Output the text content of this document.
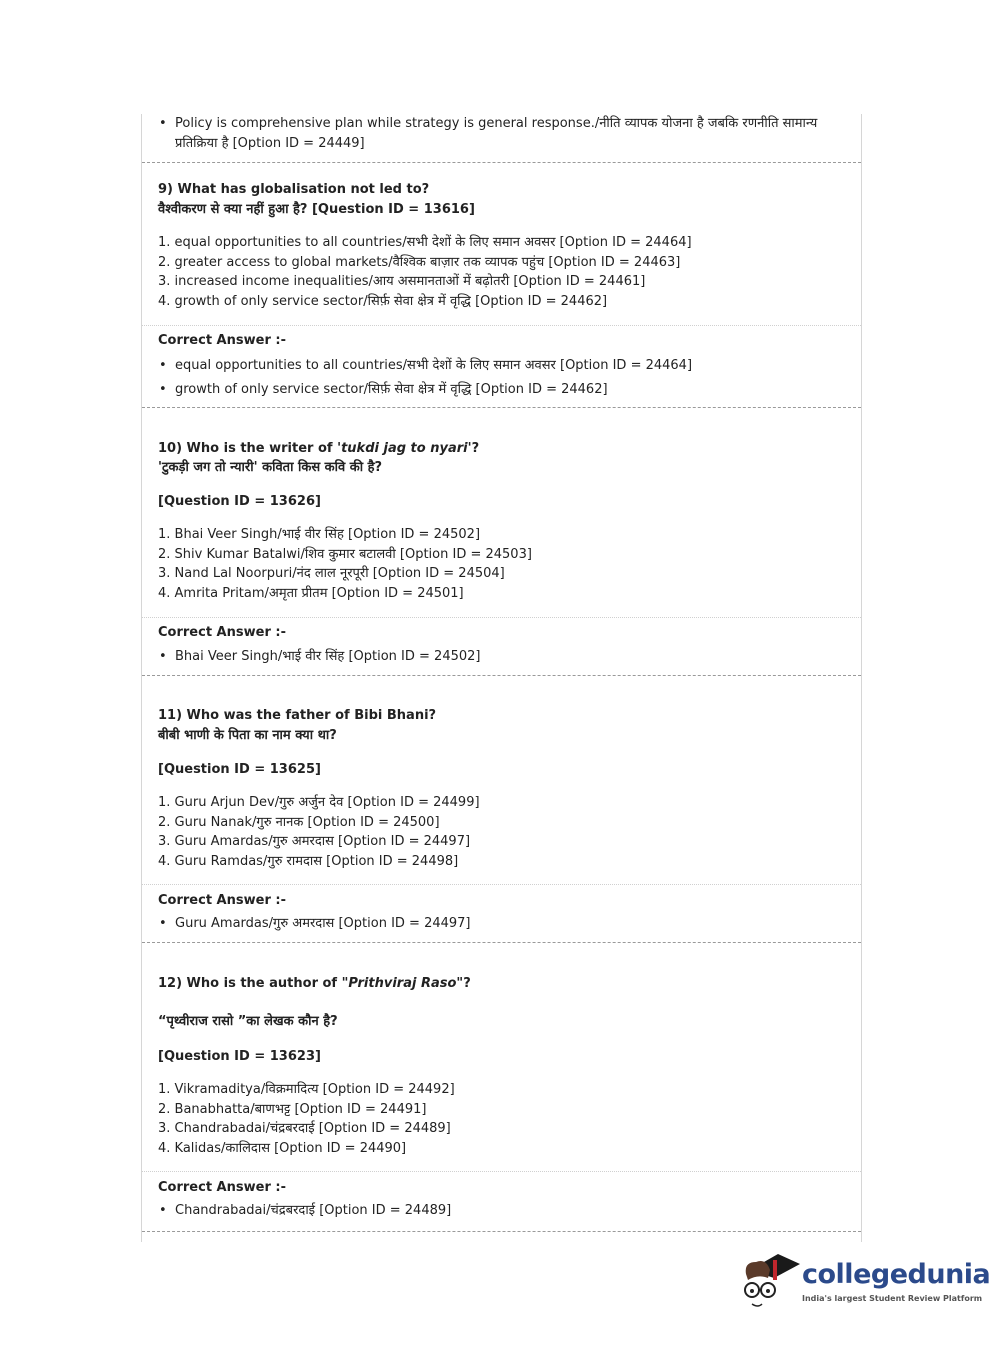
• Policy is comprehensive plan while strategy is general response./नीति व्यापक योजना है जबकि रणनीति सामान्य
प्रतिक्रिया है [Option ID = 24449]
9) What has globalisation not led to?
वैश्वीकरण से क्या नहीं हुआ है? [Question ID = 13616]
1. equal opportunities to all countries/सभी देशों के लिए समान अवसर [Option ID = 24464]
2. greater access to global markets/वैश्विक बाज़ार तक व्यापक पहुंच [Option ID = 24463]
3. increased income inequalities/आय असमानताओं में बढ़ोतरी [Option ID = 24461]
4. growth of only service sector/सिर्फ़ सेवा क्षेत्र में वृद्धि [Option ID = 24462]
Correct Answer :-
• equal opportunities to all countries/सभी देशों के लिए समान अवसर [Option ID = 24464]
• growth of only service sector/सिर्फ़ सेवा क्षेत्र में वृद्धि [Option ID = 24462]
10) Who is the writer of 'tukdi jag to nyari'?
'टुकड़ी जग तो न्यारी' कविता किस कवि की है?
[Question ID = 13626]
1. Bhai Veer Singh/भाई वीर सिंह [Option ID = 24502]
2. Shiv Kumar Batalwi/शिव कुमार बटालवी [Option ID = 24503]
3. Nand Lal Noorpuri/नंद लाल नूरपूरी [Option ID = 24504]
4. Amrita Pritam/अमृता प्रीतम [Option ID = 24501]
Correct Answer :-
• Bhai Veer Singh/भाई वीर सिंह [Option ID = 24502]
11) Who was the father of Bibi Bhani?
बीबी भाणी के पिता का नाम क्या था?
[Question ID = 13625]
1. Guru Arjun Dev/गुरु अर्जुन देव [Option ID = 24499]
2. Guru Nanak/गुरु नानक [Option ID = 24500]
3. Guru Amardas/गुरु अमरदास [Option ID = 24497]
4. Guru Ramdas/गुरु रामदास [Option ID = 24498]
Correct Answer :-
• Guru Amardas/गुरु अमरदास [Option ID = 24497]
12) Who is the author of "Prithviraj Raso"?
“पृथ्वीराज रासो ”का लेखक कौन है?
[Question ID = 13623]
1. Vikramaditya/विक्रमादित्य [Option ID = 24492]
2. Banabhatta/बाणभट्ट [Option ID = 24491]
3. Chandrabadai/चंद्रबरदाई [Option ID = 24489]
4. Kalidas/कालिदास [Option ID = 24490]
Correct Answer :-
• Chandrabadai/चंद्रबरदाई [Option ID = 24489]
collegedunia
India's largest Student Review Platform
